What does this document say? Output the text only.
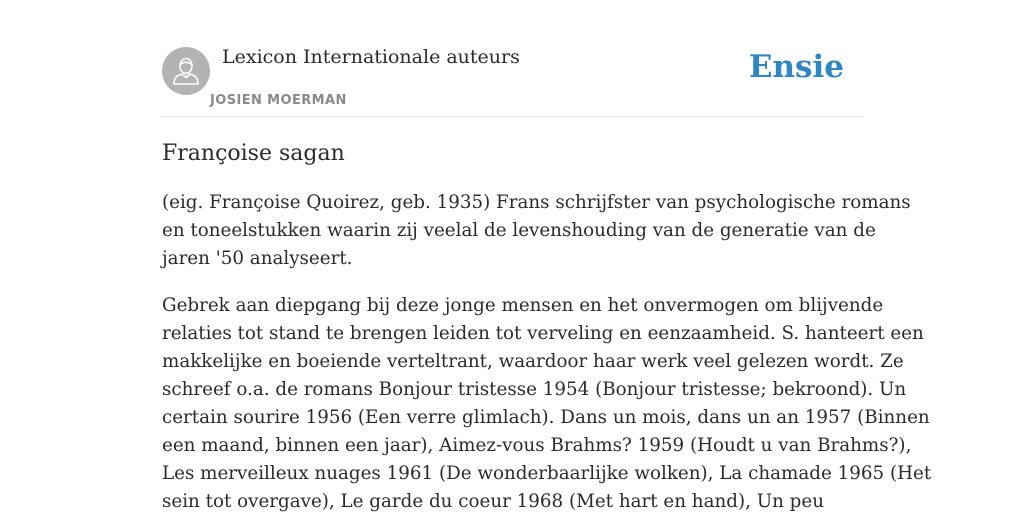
Lexicon Internationale auteurs
JOSIEN MOERMAN
Ensie
Françoise sagan

(eig. Françoise Quoirez, geb. 1935) Frans schrijfster van psychologische romans
en toneelstukken waarin zij veelal de levenshouding van de generatie van de
jaren '50 analyseert.

Gebrek aan diepgang bij deze jonge mensen en het onvermogen om blijvende
relaties tot stand te brengen leiden tot verveling en eenzaamheid. S. hanteert een
makkelijke en boeiende verteltrant, waardoor haar werk veel gelezen wordt. Ze
schreef o.a. de romans Bonjour tristesse 1954 (Bonjour tristesse; bekroond). Un
certain sourire 1956 (Een verre glimlach). Dans un mois, dans un an 1957 (Binnen
een maand, binnen een jaar), Aimez-vous Brahms? 1959 (Houdt u van Brahms?),
Les merveilleux nuages 1961 (De wonderbaarlijke wolken), La chamade 1965 (Het
sein tot overgave), Le garde du coeur 1968 (Met hart en hand), Un peu
